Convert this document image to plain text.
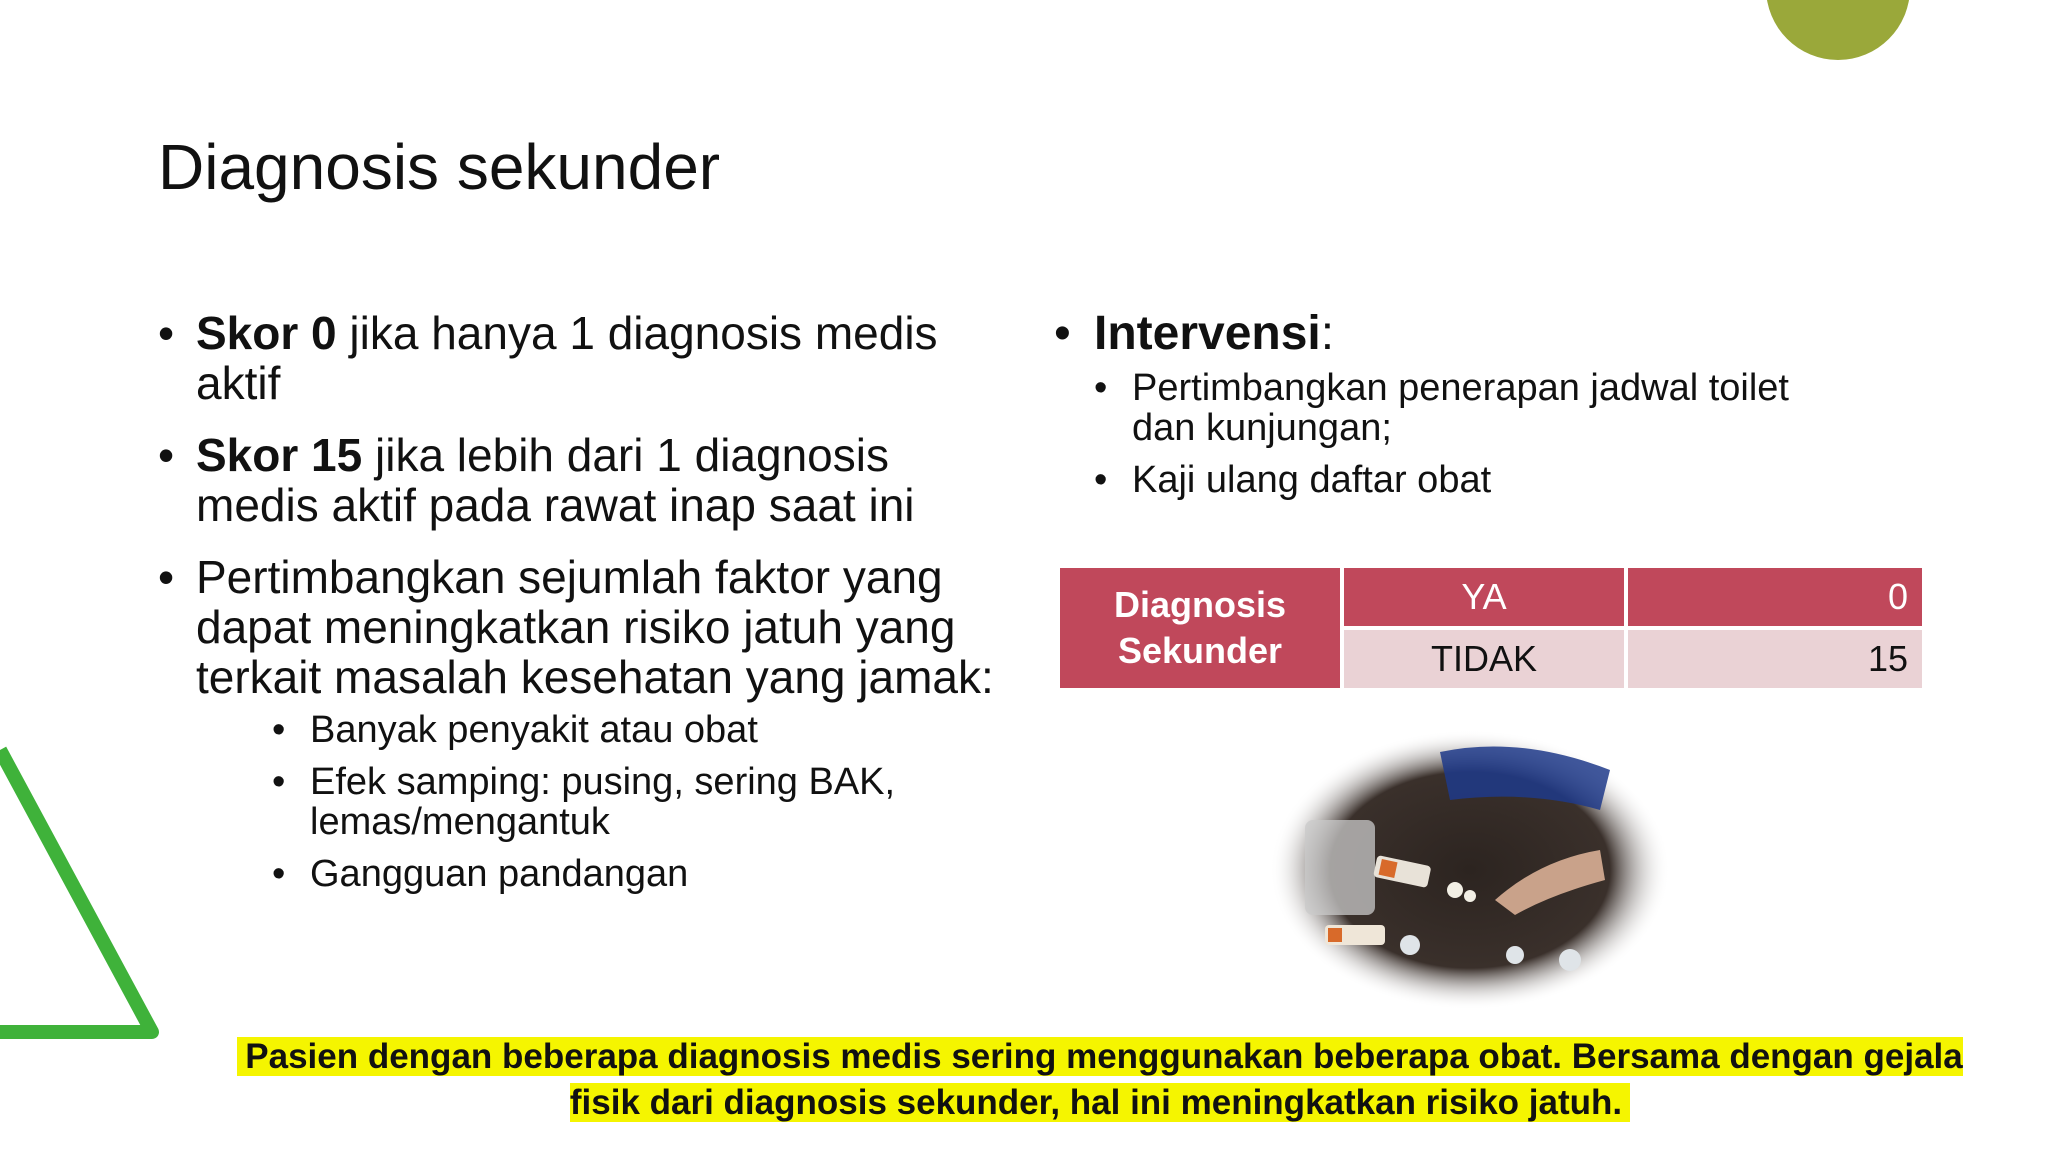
Diagnosis sekunder
• Skor 0 jika hanya 1 diagnosis medis aktif
• Skor 15 jika lebih dari 1 diagnosis medis aktif pada rawat inap saat ini
• Pertimbangkan sejumlah faktor yang dapat meningkatkan risiko jatuh yang terkait masalah kesehatan yang jamak:
• Banyak penyakit atau obat
• Efek samping: pusing, sering BAK, lemas/mengantuk
• Gangguan pandangan
• Intervensi:
• Pertimbangkan penerapan jadwal toilet dan kunjungan;
• Kaji ulang daftar obat
Diagnosis Sekunder	YA	0

	TIDAK	15
Pasien dengan beberapa diagnosis medis sering menggunakan beberapa obat. Bersama dengan gejala fisik dari diagnosis sekunder, hal ini meningkatkan risiko jatuh.
